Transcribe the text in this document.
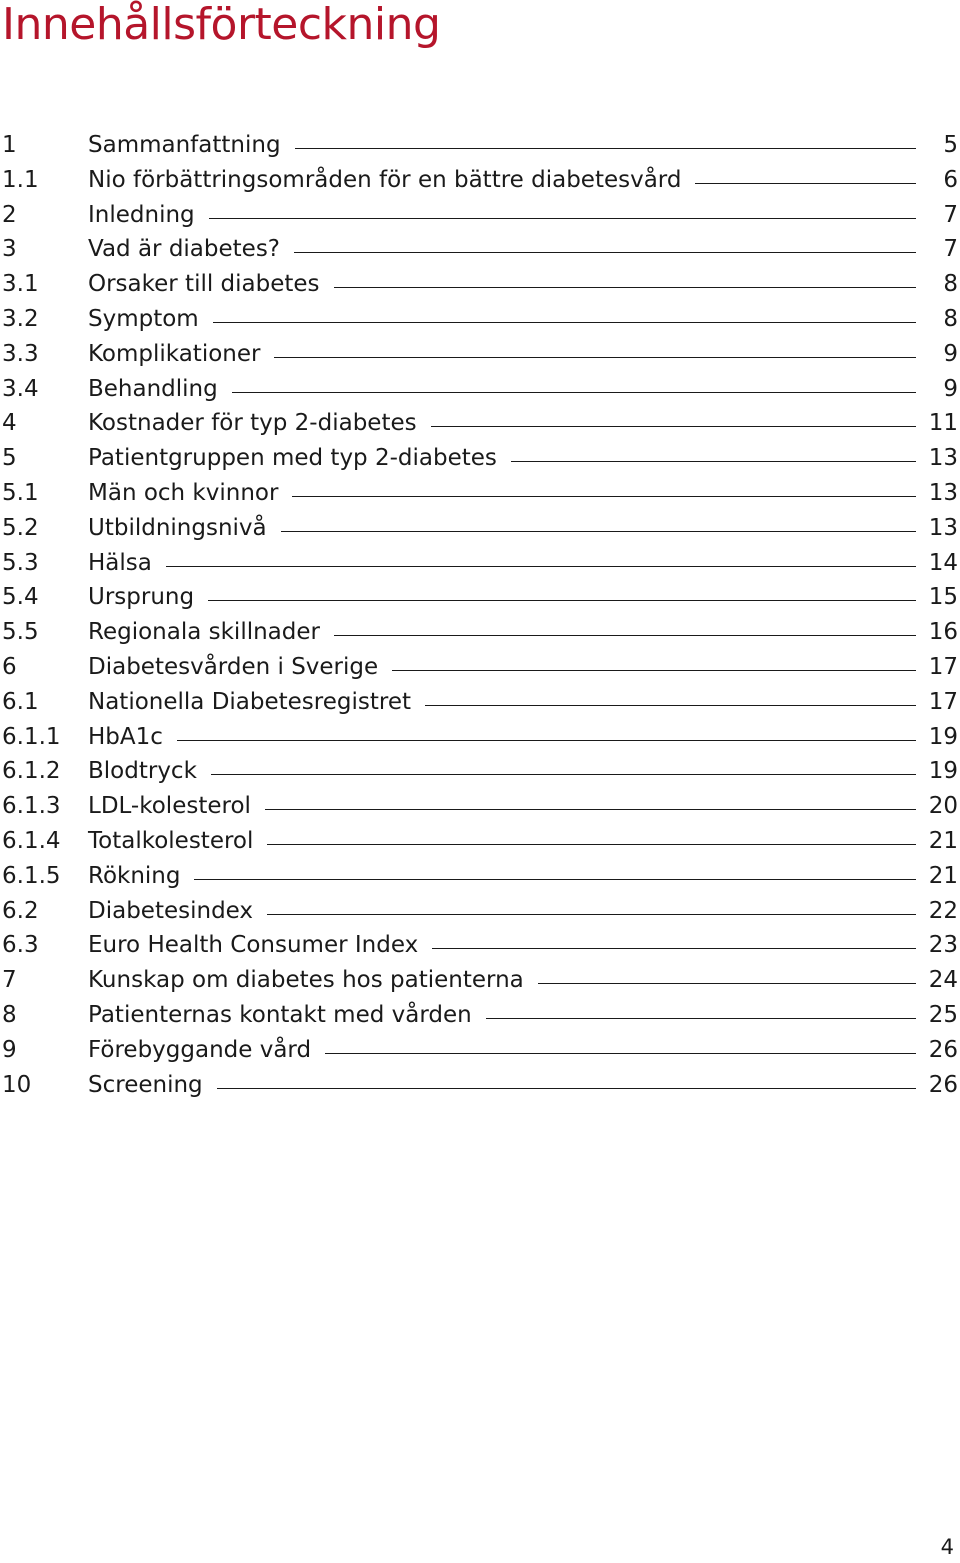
Innehållsförteckning
1	Sammanfattning	5
1.1	Nio förbättringsområden för en bättre diabetesvård	6
2	Inledning	7
3	Vad är diabetes?	7
3.1	Orsaker till diabetes	8
3.2	Symptom	8
3.3	Komplikationer	9
3.4	Behandling	9
4	Kostnader för typ 2-diabetes	11
5	Patientgruppen med typ 2-diabetes	13
5.1	Män och kvinnor	13
5.2	Utbildningsnivå	13
5.3	Hälsa	14
5.4	Ursprung	15
5.5	Regionala skillnader	16
6	Diabetesvården i Sverige	17
6.1	Nationella Diabetesregistret	17
6.1.1	HbA1c	19
6.1.2	Blodtryck	19
6.1.3	LDL-kolesterol	20
6.1.4	Totalkolesterol	21
6.1.5	Rökning	21
6.2	Diabetesindex	22
6.3	Euro Health Consumer Index	23
7	Kunskap om diabetes hos patienterna	24
8	Patienternas kontakt med vården	25
9	Förebyggande vård	26
10	Screening	26
4
